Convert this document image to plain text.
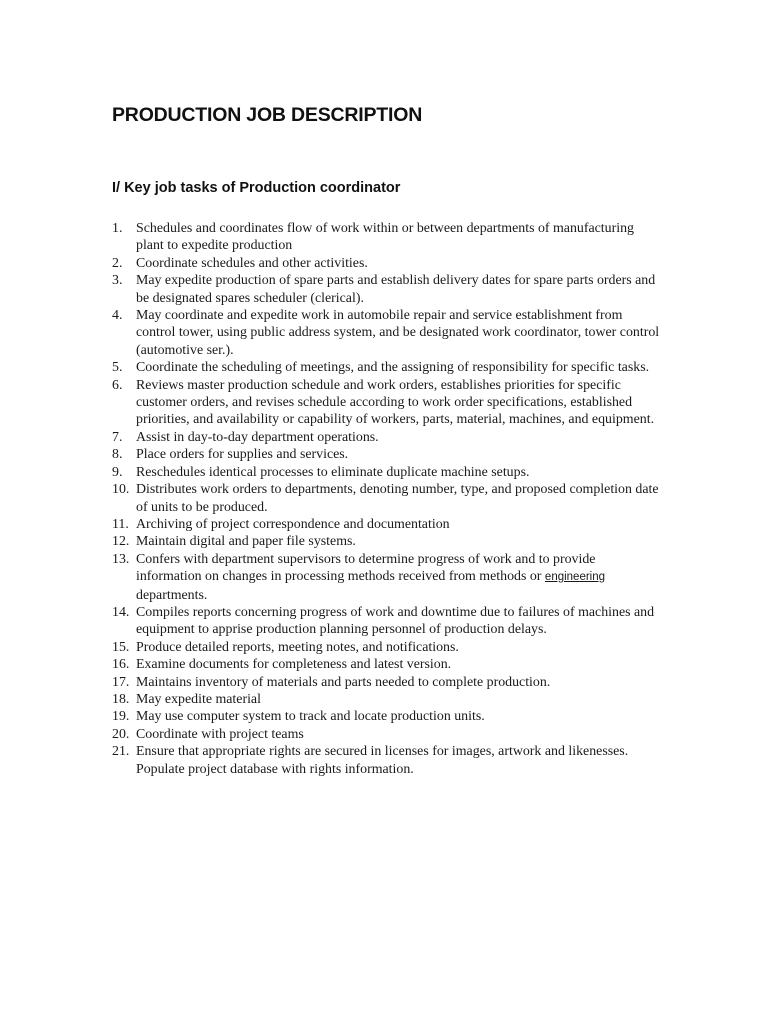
PRODUCTION JOB DESCRIPTION
I/ Key job tasks of Production coordinator
1. Schedules and coordinates flow of work within or between departments of manufacturing plant to expedite production
2. Coordinate schedules and other activities.
3. May expedite production of spare parts and establish delivery dates for spare parts orders and be designated spares scheduler (clerical).
4. May coordinate and expedite work in automobile repair and service establishment from control tower, using public address system, and be designated work coordinator, tower control (automotive ser.).
5. Coordinate the scheduling of meetings, and the assigning of responsibility for specific tasks.
6. Reviews master production schedule and work orders, establishes priorities for specific customer orders, and revises schedule according to work order specifications, established priorities, and availability or capability of workers, parts, material, machines, and equipment.
7. Assist in day-to-day department operations.
8. Place orders for supplies and services.
9. Reschedules identical processes to eliminate duplicate machine setups.
10. Distributes work orders to departments, denoting number, type, and proposed completion date of units to be produced.
11. Archiving of project correspondence and documentation
12. Maintain digital and paper file systems.
13. Confers with department supervisors to determine progress of work and to provide information on changes in processing methods received from methods or engineering departments.
14. Compiles reports concerning progress of work and downtime due to failures of machines and equipment to apprise production planning personnel of production delays.
15. Produce detailed reports, meeting notes, and notifications.
16. Examine documents for completeness and latest version.
17. Maintains inventory of materials and parts needed to complete production.
18. May expedite material
19. May use computer system to track and locate production units.
20. Coordinate with project teams
21. Ensure that appropriate rights are secured in licenses for images, artwork and likenesses. Populate project database with rights information.
